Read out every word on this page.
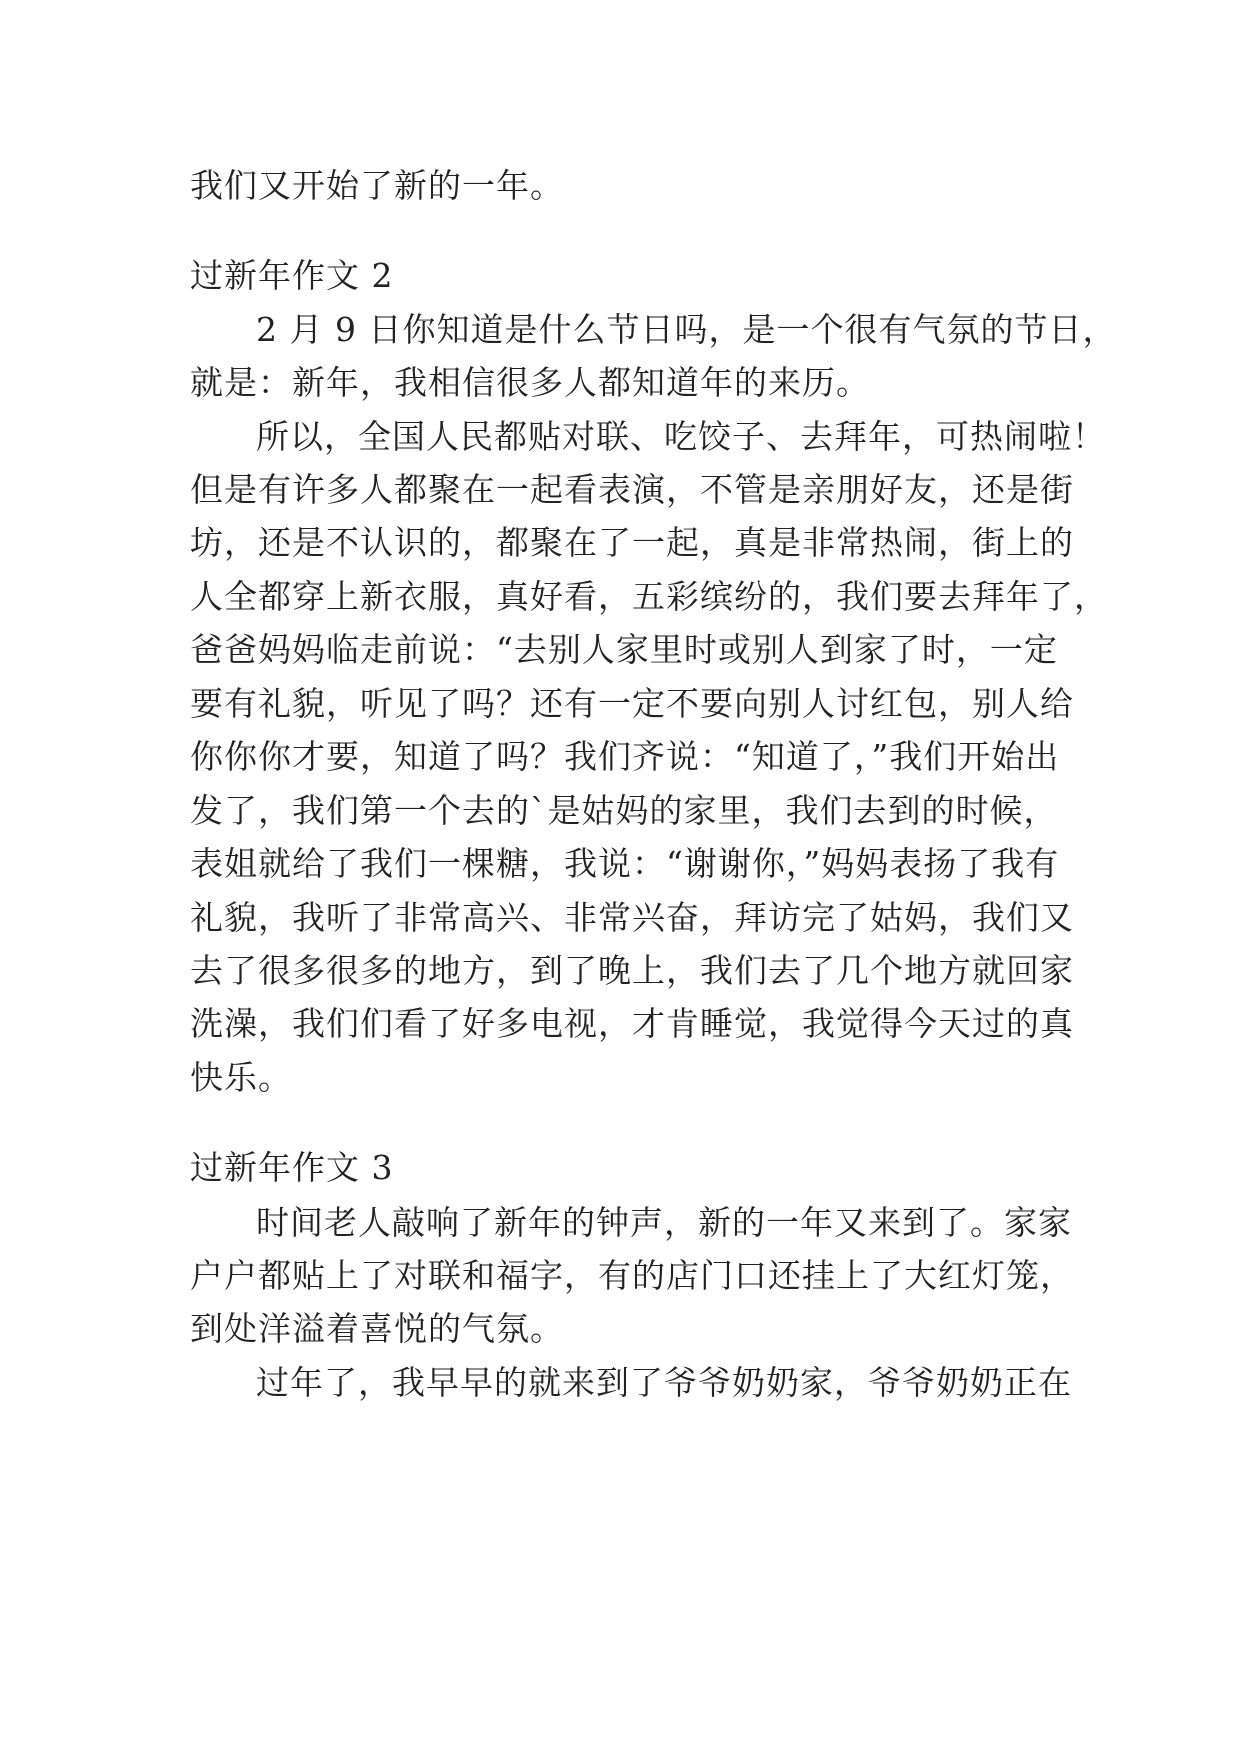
我们又开始了新的一年。
过新年作文 2
2 月 9 日你知道是什么节日吗，是一个很有气氛的节日，
就是：新年，我相信很多人都知道年的来历。
所以，全国人民都贴对联、吃饺子、去拜年，可热闹啦！
但是有许多人都聚在一起看表演，不管是亲朋好友，还是街
坊，还是不认识的，都聚在了一起，真是非常热闹，街上的
人全都穿上新衣服，真好看，五彩缤纷的，我们要去拜年了，
爸爸妈妈临走前说：“去别人家里时或别人到家了时，一定
要有礼貌，听见了吗？还有一定不要向别人讨红包，别人给
你你你才要，知道了吗？我们齐说：“知道了，”我们开始出
发了，我们第一个去的`是姑妈的家里，我们去到的时候，
表姐就给了我们一棵糖，我说：“谢谢你，”妈妈表扬了我有
礼貌，我听了非常高兴、非常兴奋，拜访完了姑妈，我们又
去了很多很多的地方，到了晚上，我们去了几个地方就回家
洗澡，我们们看了好多电视，才肯睡觉，我觉得今天过的真
快乐。
过新年作文 3
时间老人敲响了新年的钟声，新的一年又来到了。家家
户户都贴上了对联和福字，有的店门口还挂上了大红灯笼，
到处洋溢着喜悦的气氛。
过年了，我早早的就来到了爷爷奶奶家，爷爷奶奶正在
